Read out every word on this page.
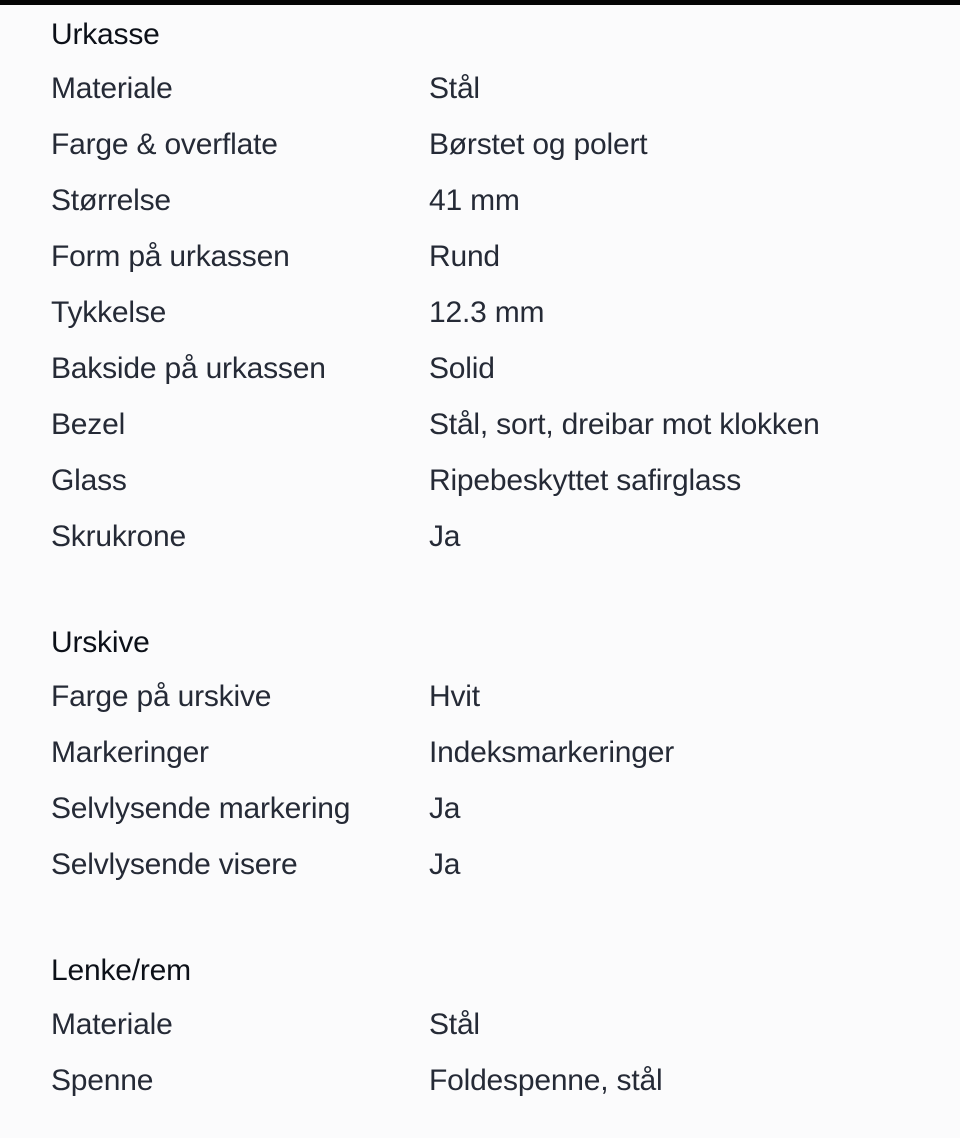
Urkasse
Materiale	Stål
Farge & overflate	Børstet og polert
Størrelse	41 mm
Form på urkassen	Rund
Tykkelse	12.3 mm
Bakside på urkassen	Solid
Bezel	Stål, sort, dreibar mot klokken
Glass	Ripebeskyttet safirglass
Skrukrone	Ja
Urskive
Farge på urskive	Hvit
Markeringer	Indeksmarkeringer
Selvlysende markering	Ja
Selvlysende visere	Ja
Lenke/rem
Materiale	Stål
Spenne	Foldespenne, stål
